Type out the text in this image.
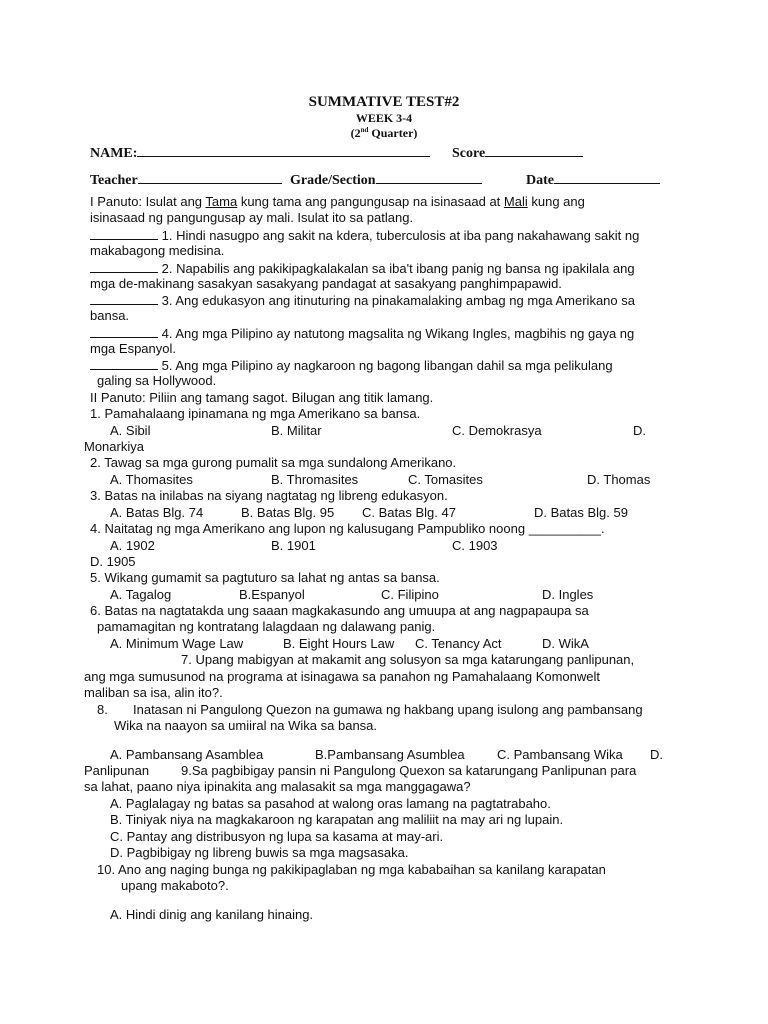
SUMMATIVE TEST#2
WEEK 3-4
(2nd Quarter)
NAME:	Score
Teacher	Grade/Section	Date
I Panuto: Isulat ang Tama kung tama ang pangungusap na isinasaad at Mali kung ang
isinasaad ng pangungusap ay mali. Isulat ito sa patlang.
1. Hindi nasugpo ang sakit na kdera, tuberculosis at iba pang nakahawang sakit ng
makabagong medisina.
2. Napabilis ang pakikipagkalakalan sa iba't ibang panig ng bansa ng ipakilala ang
mga de-makinang sasakyan sasakyang pandagat at sasakyang panghimpapawid.
3. Ang edukasyon ang itinuturing na pinakamalaking ambag ng mga Amerikano sa
bansa.
4. Ang mga Pilipino ay natutong magsalita ng Wikang Ingles, magbihis ng gaya ng
mga Espanyol.
5. Ang mga Pilipino ay nagkaroon ng bagong libangan dahil sa mga pelikulang
galing sa Hollywood.
II Panuto: Piliin ang tamang sagot. Bilugan ang titik lamang.
1. Pamahalaang ipinamana ng mga Amerikano sa bansa.
A. Sibil	B. Militar	C. Demokrasya	D.
Monarkiya
2. Tawag sa mga gurong pumalit sa mga sundalong Amerikano.
A. Thomasites	B. Thromasites	C. Tomasites	D. Thomas
3. Batas na inilabas na siyang nagtatag ng libreng edukasyon.
A. Batas Blg. 74	B. Batas Blg. 95 C. Batas Blg. 47	D. Batas Blg. 59
4. Naitatag ng mga Amerikano ang lupon ng kalusugang Pampubliko noong __________.
A. 1902	B. 1901	C. 1903
D. 1905
5. Wikang gumamit sa pagtuturo sa lahat ng antas sa bansa.
A. Tagalog	B.Espanyol	C. Filipino	D. Ingles
6. Batas na nagtatakda ung saaan magkakasundo ang umuupa at ang nagpapaupa sa
pamamagitan ng kontratang lalagdaan ng dalawang panig.
A. Minimum Wage Law	B. Eight Hours Law C. Tenancy Act	D. WikA
7. Upang mabigyan at makamit ang solusyon sa mga katarungang panlipunan,
ang mga sumusunod na programa at isinagawa sa panahon ng Pamahalaang Komonwelt
maliban sa isa, alin ito?.
8. Inatasan ni Pangulong Quezon na gumawa ng hakbang upang isulong ang pambansang
Wika na naayon sa umiiral na Wika sa bansa.
A. Pambansang Asamblea	B.Pambansang Asumblea C. Pambansang Wika D.
Panlipunan 9.Sa pagbibigay pansin ni Pangulong Quexon sa katarungang Panlipunan para
sa lahat, paano niya ipinakita ang malasakit sa mga manggagawa?
A. Paglalagay ng batas sa pasahod at walong oras lamang na pagtatrabaho.
B. Tiniyak niya na magkakaroon ng karapatan ang maliliit na may ari ng lupain.
C. Pantay ang distribusyon ng lupa sa kasama at may-ari.
D. Pagbibigay ng libreng buwis sa mga magsasaka.
10. Ano ang naging bunga ng pakikipaglaban ng mga kababaihan sa kanilang karapatan
upang makaboto?.
A. Hindi dinig ang kanilang hinaing.
